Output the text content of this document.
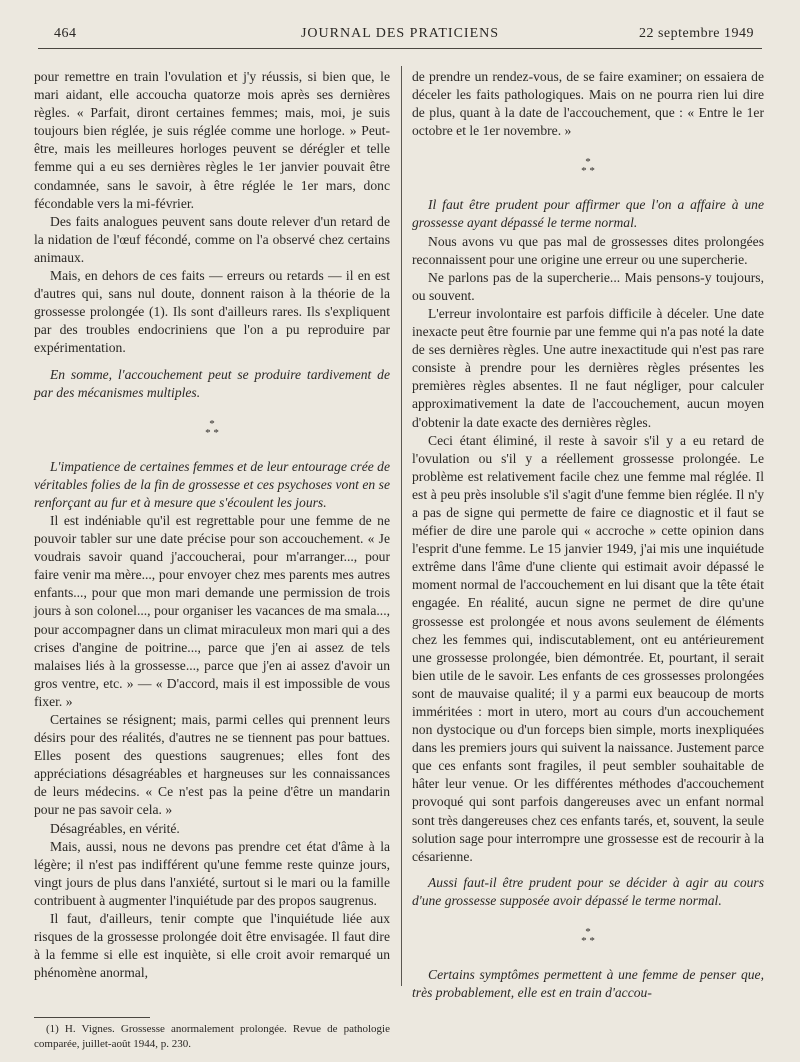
464	JOURNAL DES PRATICIENS	22 septembre 1949

pour remettre en train l'ovulation et j'y réussis, si bien que, le mari aidant, elle accoucha quatorze mois après ses dernières règles. « Parfait, diront certaines femmes; mais, moi, je suis toujours bien réglée, je suis réglée comme une horloge. » Peut-être, mais les meilleures horloges peuvent se dérégler et telle femme qui a eu ses dernières règles le 1er janvier pouvait être condamnée, sans le savoir, à être réglée le 1er mars, donc fécondable vers la mi-février.

Des faits analogues peuvent sans doute relever d'un retard de la nidation de l'œuf fécondé, comme on l'a observé chez certains animaux.

Mais, en dehors de ces faits — erreurs ou retards — il en est d'autres qui, sans nul doute, donnent raison à la théorie de la grossesse prolongée (1). Ils sont d'ailleurs rares. Ils s'expliquent par des troubles endocriniens que l'on a pu reproduire par expérimentation.

En somme, l'accouchement peut se produire tardivement de par des mécanismes multiples.

*
* *

L'impatience de certaines femmes et de leur entourage crée de véritables folies de la fin de grossesse et ces psychoses vont en se renforçant au fur et à mesure que s'écoulent les jours.

Il est indéniable qu'il est regrettable pour une femme de ne pouvoir tabler sur une date précise pour son accouchement. « Je voudrais savoir quand j'accoucherai, pour m'arranger..., pour faire venir ma mère..., pour envoyer chez mes parents mes autres enfants..., pour que mon mari demande une permission de trois jours à son colonel..., pour organiser les vacances de ma smala..., pour accompagner dans un climat miraculeux mon mari qui a des crises d'angine de poitrine..., parce que j'en ai assez de tels malaises liés à la grossesse..., parce que j'en ai assez d'avoir un gros ventre, etc. » — « D'accord, mais il est impossible de vous fixer. »

Certaines se résignent; mais, parmi celles qui prennent leurs désirs pour des réalités, d'autres ne se tiennent pas pour battues. Elles posent des questions saugrenues; elles font des appréciations désagréables et hargneuses sur les connaissances de leurs médecins. « Ce n'est pas la peine d'être un mandarin pour ne pas savoir cela. »

Désagréables, en vérité.

Mais, aussi, nous ne devons pas prendre cet état d'âme à la légère; il n'est pas indifférent qu'une femme reste quinze jours, vingt jours de plus dans l'anxiété, surtout si le mari ou la famille contribuent à augmenter l'inquiétude par des propos saugrenus.

Il faut, d'ailleurs, tenir compte que l'inquiétude liée aux risques de la grossesse prolongée doit être envisagée. Il faut dire à la femme si elle est inquiète, si elle croit avoir remarqué un phénomène anormal,

de prendre un rendez-vous, de se faire examiner; on essaiera de déceler les faits pathologiques. Mais on ne pourra rien lui dire de plus, quant à la date de l'accouchement, que : « Entre le 1er octobre et le 1er novembre. »

*
* *

Il faut être prudent pour affirmer que l'on a affaire à une grossesse ayant dépassé le terme normal.

Nous avons vu que pas mal de grossesses dites prolongées reconnaissent pour une origine une erreur ou une supercherie.

Ne parlons pas de la supercherie... Mais pensons-y toujours, ou souvent.

L'erreur involontaire est parfois difficile à déceler. Une date inexacte peut être fournie par une femme qui n'a pas noté la date de ses dernières règles. Une autre inexactitude qui n'est pas rare consiste à prendre pour les dernières règles présentes les premières règles absentes. Il ne faut négliger, pour calculer approximativement la date de l'accouchement, aucun moyen d'obtenir la date exacte des dernières règles.

Ceci étant éliminé, il reste à savoir s'il y a eu retard de l'ovulation ou s'il y a réellement grossesse prolongée. Le problème est relativement facile chez une femme mal réglée. Il est à peu près insoluble s'il s'agit d'une femme bien réglée. Il n'y a pas de signe qui permette de faire ce diagnostic et il faut se méfier de dire une parole qui « accroche » cette opinion dans l'esprit d'une femme. Le 15 janvier 1949, j'ai mis une inquiétude extrême dans l'âme d'une cliente qui estimait avoir dépassé le moment normal de l'accouchement en lui disant que la tête était engagée. En réalité, aucun signe ne permet de dire qu'une grossesse est prolongée et nous avons seulement de éléments chez les femmes qui, indiscutablement, ont eu antérieurement une grossesse prolongée, bien démontrée. Et, pourtant, il serait bien utile de le savoir. Les enfants de ces grossesses prolongées sont de mauvaise qualité; il y a parmi eux beaucoup de morts imméritées : mort in utero, mort au cours d'un accouchement non dystocique ou d'un forceps bien simple, morts inexpliquées dans les premiers jours qui suivent la naissance. Justement parce que ces enfants sont fragiles, il peut sembler souhaitable de hâter leur venue. Or les différentes méthodes d'accouchement provoqué qui sont parfois dangereuses avec un enfant normal sont très dangereuses chez ces enfants tarés, et, souvent, la seule solution sage pour interrompre une grossesse est de recourir à la césarienne.

Aussi faut-il être prudent pour se décider à agir au cours d'une grossesse supposée avoir dépassé le terme normal.

*
* *

Certains symptômes permettent à une femme de penser que, très probablement, elle est en train d'accou-

(1) H. Vignes. Grossesse anormalement prolongée. Revue de pathologie comparée, juillet-août 1944, p. 230.
